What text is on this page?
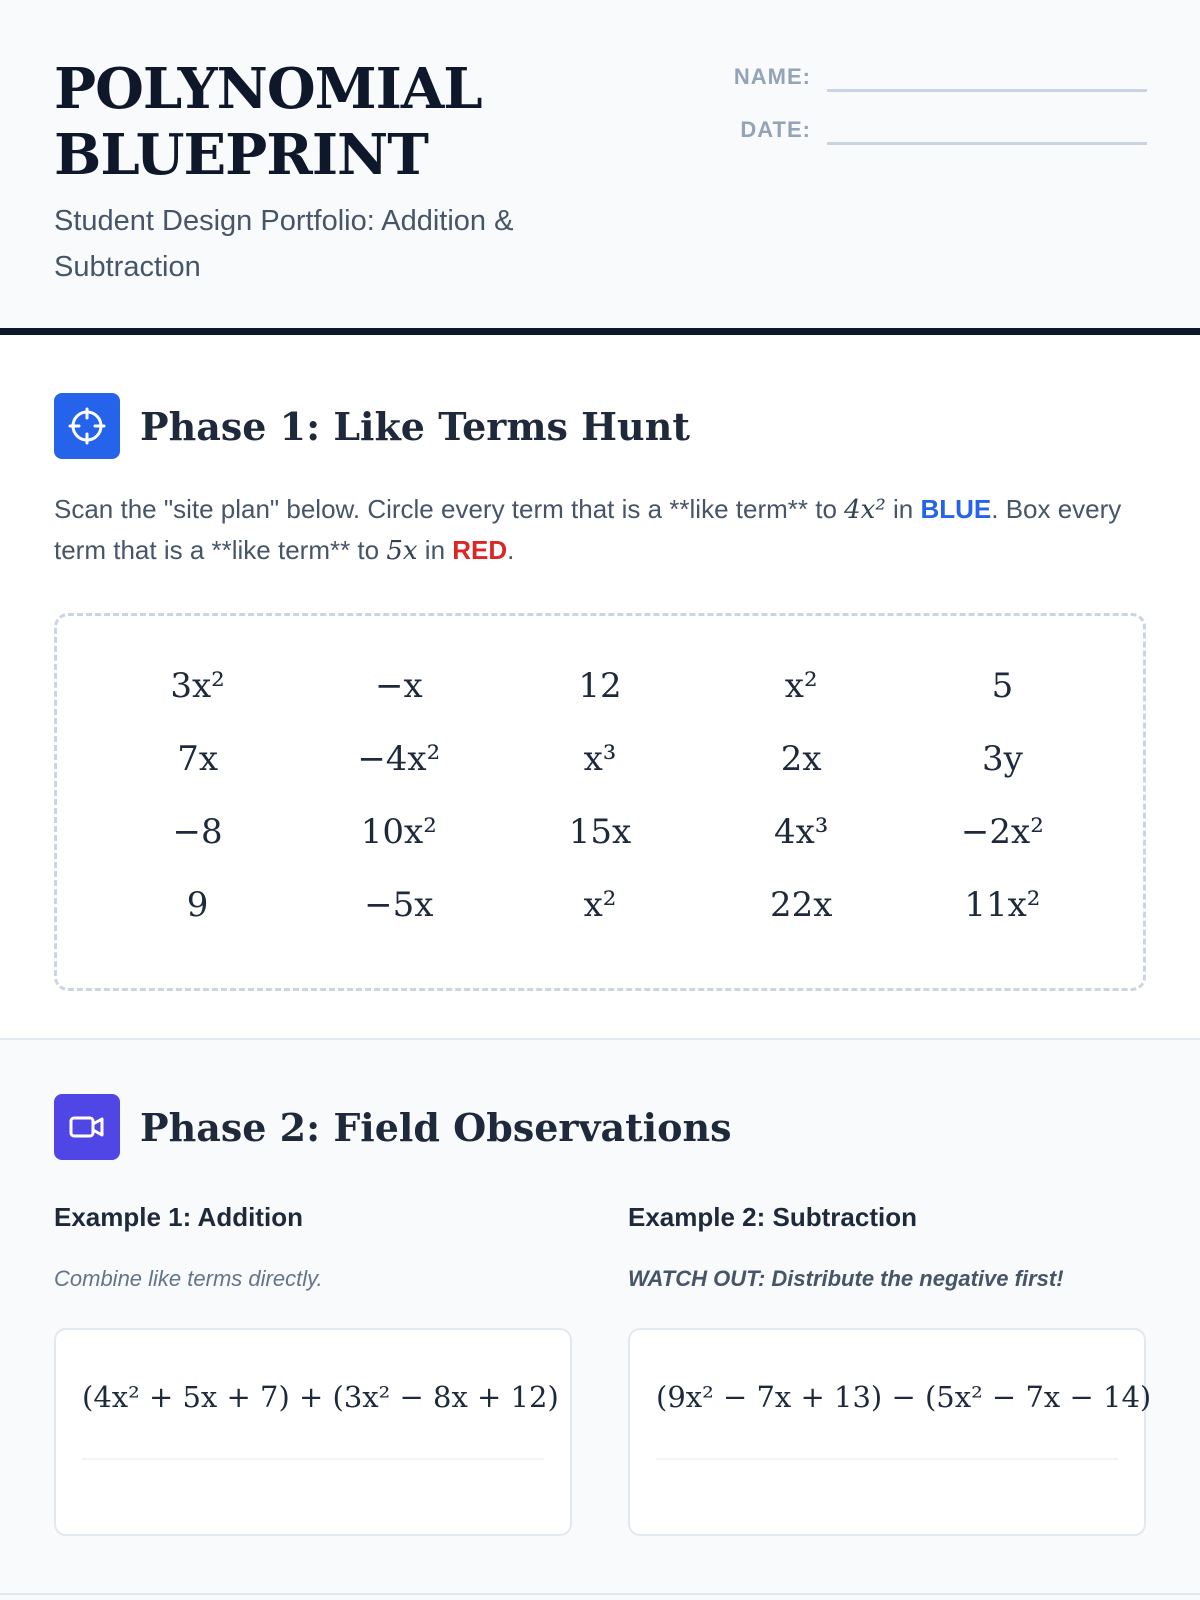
POLYNOMIAL BLUEPRINT
Student Design Portfolio: Addition & Subtraction
NAME:
DATE:
Phase 1: Like Terms Hunt

Scan the "site plan" below. Circle every term that is a **like term** to 4x² in BLUE. Box every term that is a **like term** to 5x in RED.

3x²	−x	12	x²	5
7x	−4x²	x³	2x	3y
−8	10x²	15x	4x³	−2x²
9	−5x	x²	22x	11x²
Phase 2: Field Observations
Example 1: Addition
Combine like terms directly.
(4x² + 5x + 7) + (3x² − 8x + 12)
Example 2: Subtraction
WATCH OUT: Distribute the negative first!
(9x² − 7x + 13) − (5x² − 7x − 14)
